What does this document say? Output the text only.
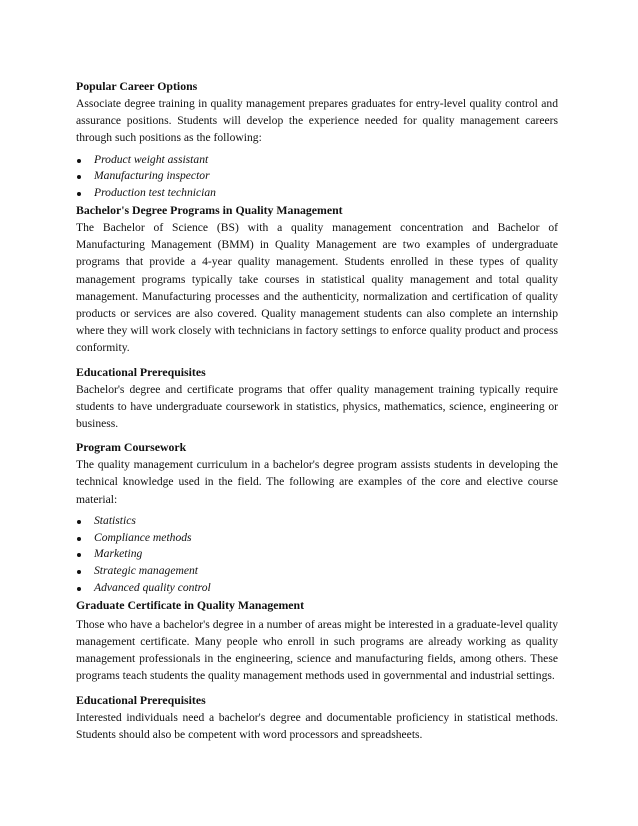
Popular Career Options

Associate degree training in quality management prepares graduates for entry-level quality control and assurance positions. Students will develop the experience needed for quality management careers through such positions as the following:

Product weight assistant
Manufacturing inspector
Production test technician

Bachelor's Degree Programs in Quality Management

The Bachelor of Science (BS) with a quality management concentration and Bachelor of Manufacturing Management (BMM) in Quality Management are two examples of undergraduate programs that provide a 4-year quality management. Students enrolled in these types of quality management programs typically take courses in statistical quality management and total quality management. Manufacturing processes and the authenticity, normalization and certification of quality products or services are also covered. Quality management students can also complete an internship where they will work closely with technicians in factory settings to enforce quality product and process conformity.

Educational Prerequisites

Bachelor's degree and certificate programs that offer quality management training typically require students to have undergraduate coursework in statistics, physics, mathematics, science, engineering or business.

Program Coursework

The quality management curriculum in a bachelor's degree program assists students in developing the technical knowledge used in the field. The following are examples of the core and elective course material:

Statistics
Compliance methods
Marketing
Strategic management
Advanced quality control

Graduate Certificate in Quality Management

Those who have a bachelor's degree in a number of areas might be interested in a graduate-level quality management certificate. Many people who enroll in such programs are already working as quality management professionals in the engineering, science and manufacturing fields, among others. These programs teach students the quality management methods used in governmental and industrial settings.

Educational Prerequisites

Interested individuals need a bachelor's degree and documentable proficiency in statistical methods. Students should also be competent with word processors and spreadsheets.
